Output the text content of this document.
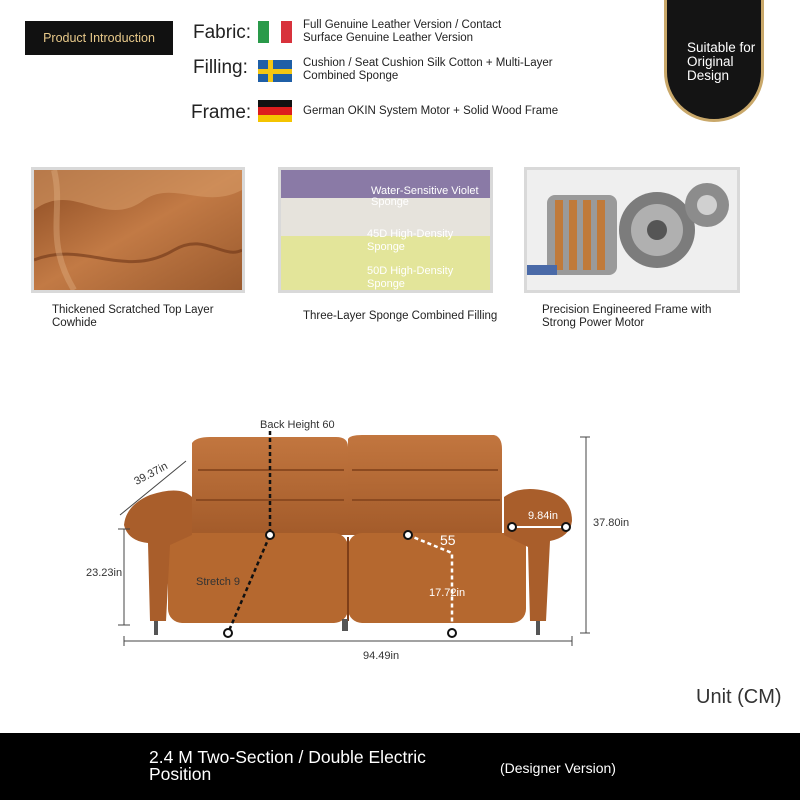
Product Introduction Fabric:	Full Genuine Leather Version / Contact Surface Genuine Leather Version
Filling:	Cushion / Seat Cushion Silk Cotton + Multi-Layer Combined Sponge
Frame:	German OKIN System Motor + Solid Wood Frame
Suitable for Original Design
Thickened Scratched Top Layer Cowhide
Water-Sensitive Violet Sponge
45D High-Density Sponge
50D High-Density Sponge
Three-Layer Sponge Combined Filling	Precision Engineered Frame with Strong Power Motor
Back Height 60
39.37in
23.23in
Stretch 9
55
17.72in
9.84in
37.80in
94.49in
Unit (CM)
2.4 M Two-Section / Double Electric Position	(Designer Version)
